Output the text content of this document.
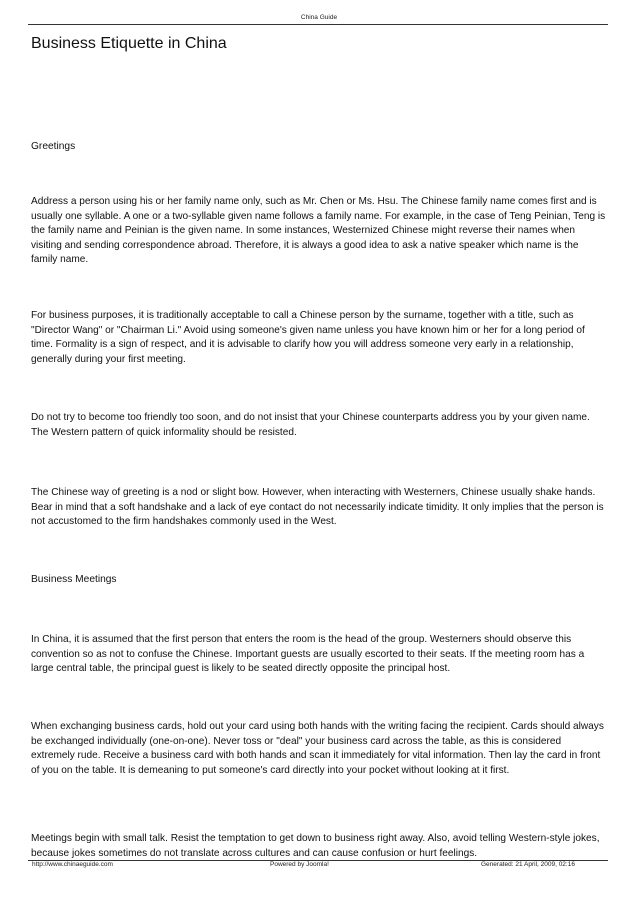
China Guide
Business Etiquette in China
Greetings

Address a person using his or her family name only, such as Mr. Chen or Ms. Hsu. The Chinese family name comes first and is usually one syllable. A one or a two-syllable given name follows a family name. For example, in the case of Teng Peinian, Teng is the family name and Peinian is the given name. In some instances, Westernized Chinese might reverse their names when visiting and sending correspondence abroad. Therefore, it is always a good idea to ask a native speaker which name is the family name.

For business purposes, it is traditionally acceptable to call a Chinese person by the surname, together with a title, such as "Director Wang" or "Chairman Li." Avoid using someone's given name unless you have known him or her for a long period of time. Formality is a sign of respect, and it is advisable to clarify how you will address someone very early in a relationship, generally during your first meeting.

Do not try to become too friendly too soon, and do not insist that your Chinese counterparts address you by your given name. The Western pattern of quick informality should be resisted.

The Chinese way of greeting is a nod or slight bow. However, when interacting with Westerners, Chinese usually shake hands. Bear in mind that a soft handshake and a lack of eye contact do not necessarily indicate timidity. It only implies that the person is not accustomed to the firm handshakes commonly used in the West.

Business Meetings

In China, it is assumed that the first person that enters the room is the head of the group. Westerners should observe this convention so as not to confuse the Chinese. Important guests are usually escorted to their seats. If the meeting room has a large central table, the principal guest is likely to be seated directly opposite the principal host.

When exchanging business cards, hold out your card using both hands with the writing facing the recipient. Cards should always be exchanged individually (one-on-one). Never toss or "deal" your business card across the table, as this is considered extremely rude. Receive a business card with both hands and scan it immediately for vital information. Then lay the card in front of you on the table. It is demeaning to put someone's card directly into your pocket without looking at it first.

Meetings begin with small talk. Resist the temptation to get down to business right away. Also, avoid telling Western-style jokes, because jokes sometimes do not translate across cultures and can cause confusion or hurt feelings.

http://www.chinaeguide.com	Powered by Joomla!	Generated: 21 April, 2009, 02:16
